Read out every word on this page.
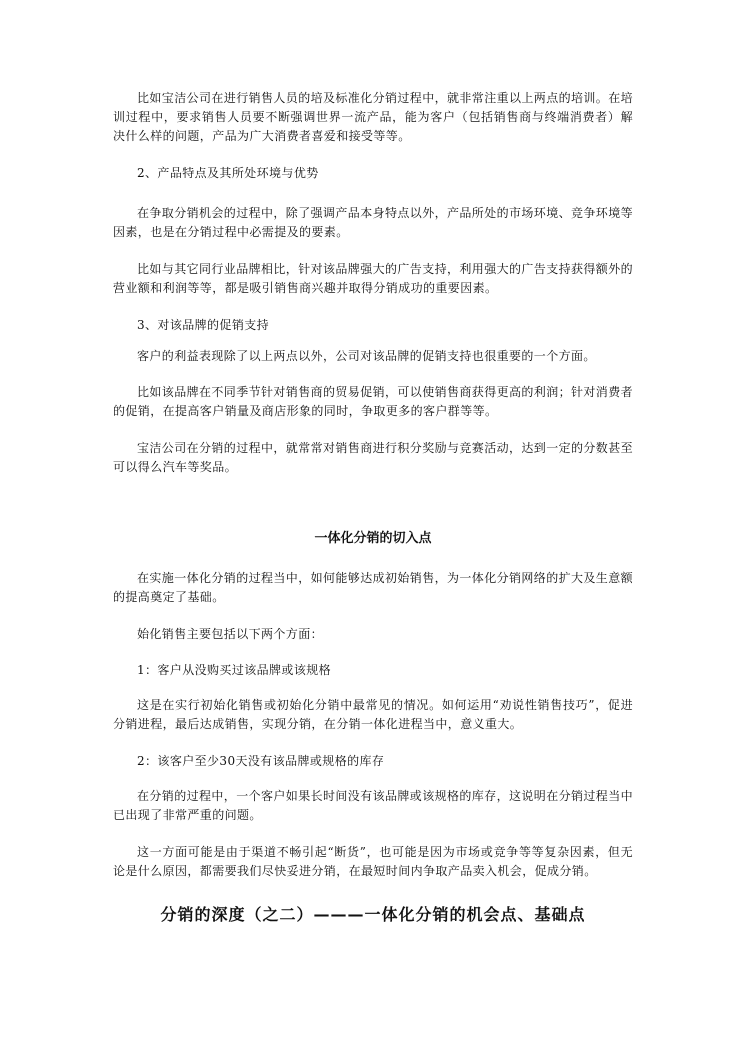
比如宝洁公司在进行销售人员的培及标准化分销过程中，就非常注重以上两点的培训。在培训过程中，要求销售人员要不断强调世界一流产品，能为客户（包括销售商与终端消费者）解决什么样的问题，产品为广大消费者喜爱和接受等等。

2、产品特点及其所处环境与优势

在争取分销机会的过程中，除了强调产品本身特点以外，产品所处的市场环境、竞争环境等因素，也是在分销过程中必需提及的要素。

比如与其它同行业品牌相比，针对该品牌强大的广告支持，利用强大的广告支持获得额外的营业额和利润等等，都是吸引销售商兴趣并取得分销成功的重要因素。

3、对该品牌的促销支持

客户的利益表现除了以上两点以外，公司对该品牌的促销支持也很重要的一个方面。

比如该品牌在不同季节针对销售商的贸易促销，可以使销售商获得更高的利润；针对消费者的促销，在提高客户销量及商店形象的同时，争取更多的客户群等等。

宝洁公司在分销的过程中，就常常对销售商进行积分奖励与竞赛活动，达到一定的分数甚至可以得么汽车等奖品。

一体化分销的切入点

在实施一体化分销的过程当中，如何能够达成初始销售，为一体化分销网络的扩大及生意额的提高奠定了基础。

始化销售主要包括以下两个方面：

1：客户从没购买过该品牌或该规格

这是在实行初始化销售或初始化分销中最常见的情况。如何运用“劝说性销售技巧”，促进分销进程，最后达成销售，实现分销，在分销一体化进程当中，意义重大。

2：该客户至少30天没有该品牌或规格的库存

在分销的过程中，一个客户如果长时间没有该品牌或该规格的库存，这说明在分销过程当中已出现了非常严重的问题。

这一方面可能是由于渠道不畅引起“断货”，也可能是因为市场或竞争等等复杂因素，但无论是什么原因，都需要我们尽快妥进分销，在最短时间内争取产品卖入机会，促成分销。

分销的深度（之二）———一体化分销的机会点、基础点
